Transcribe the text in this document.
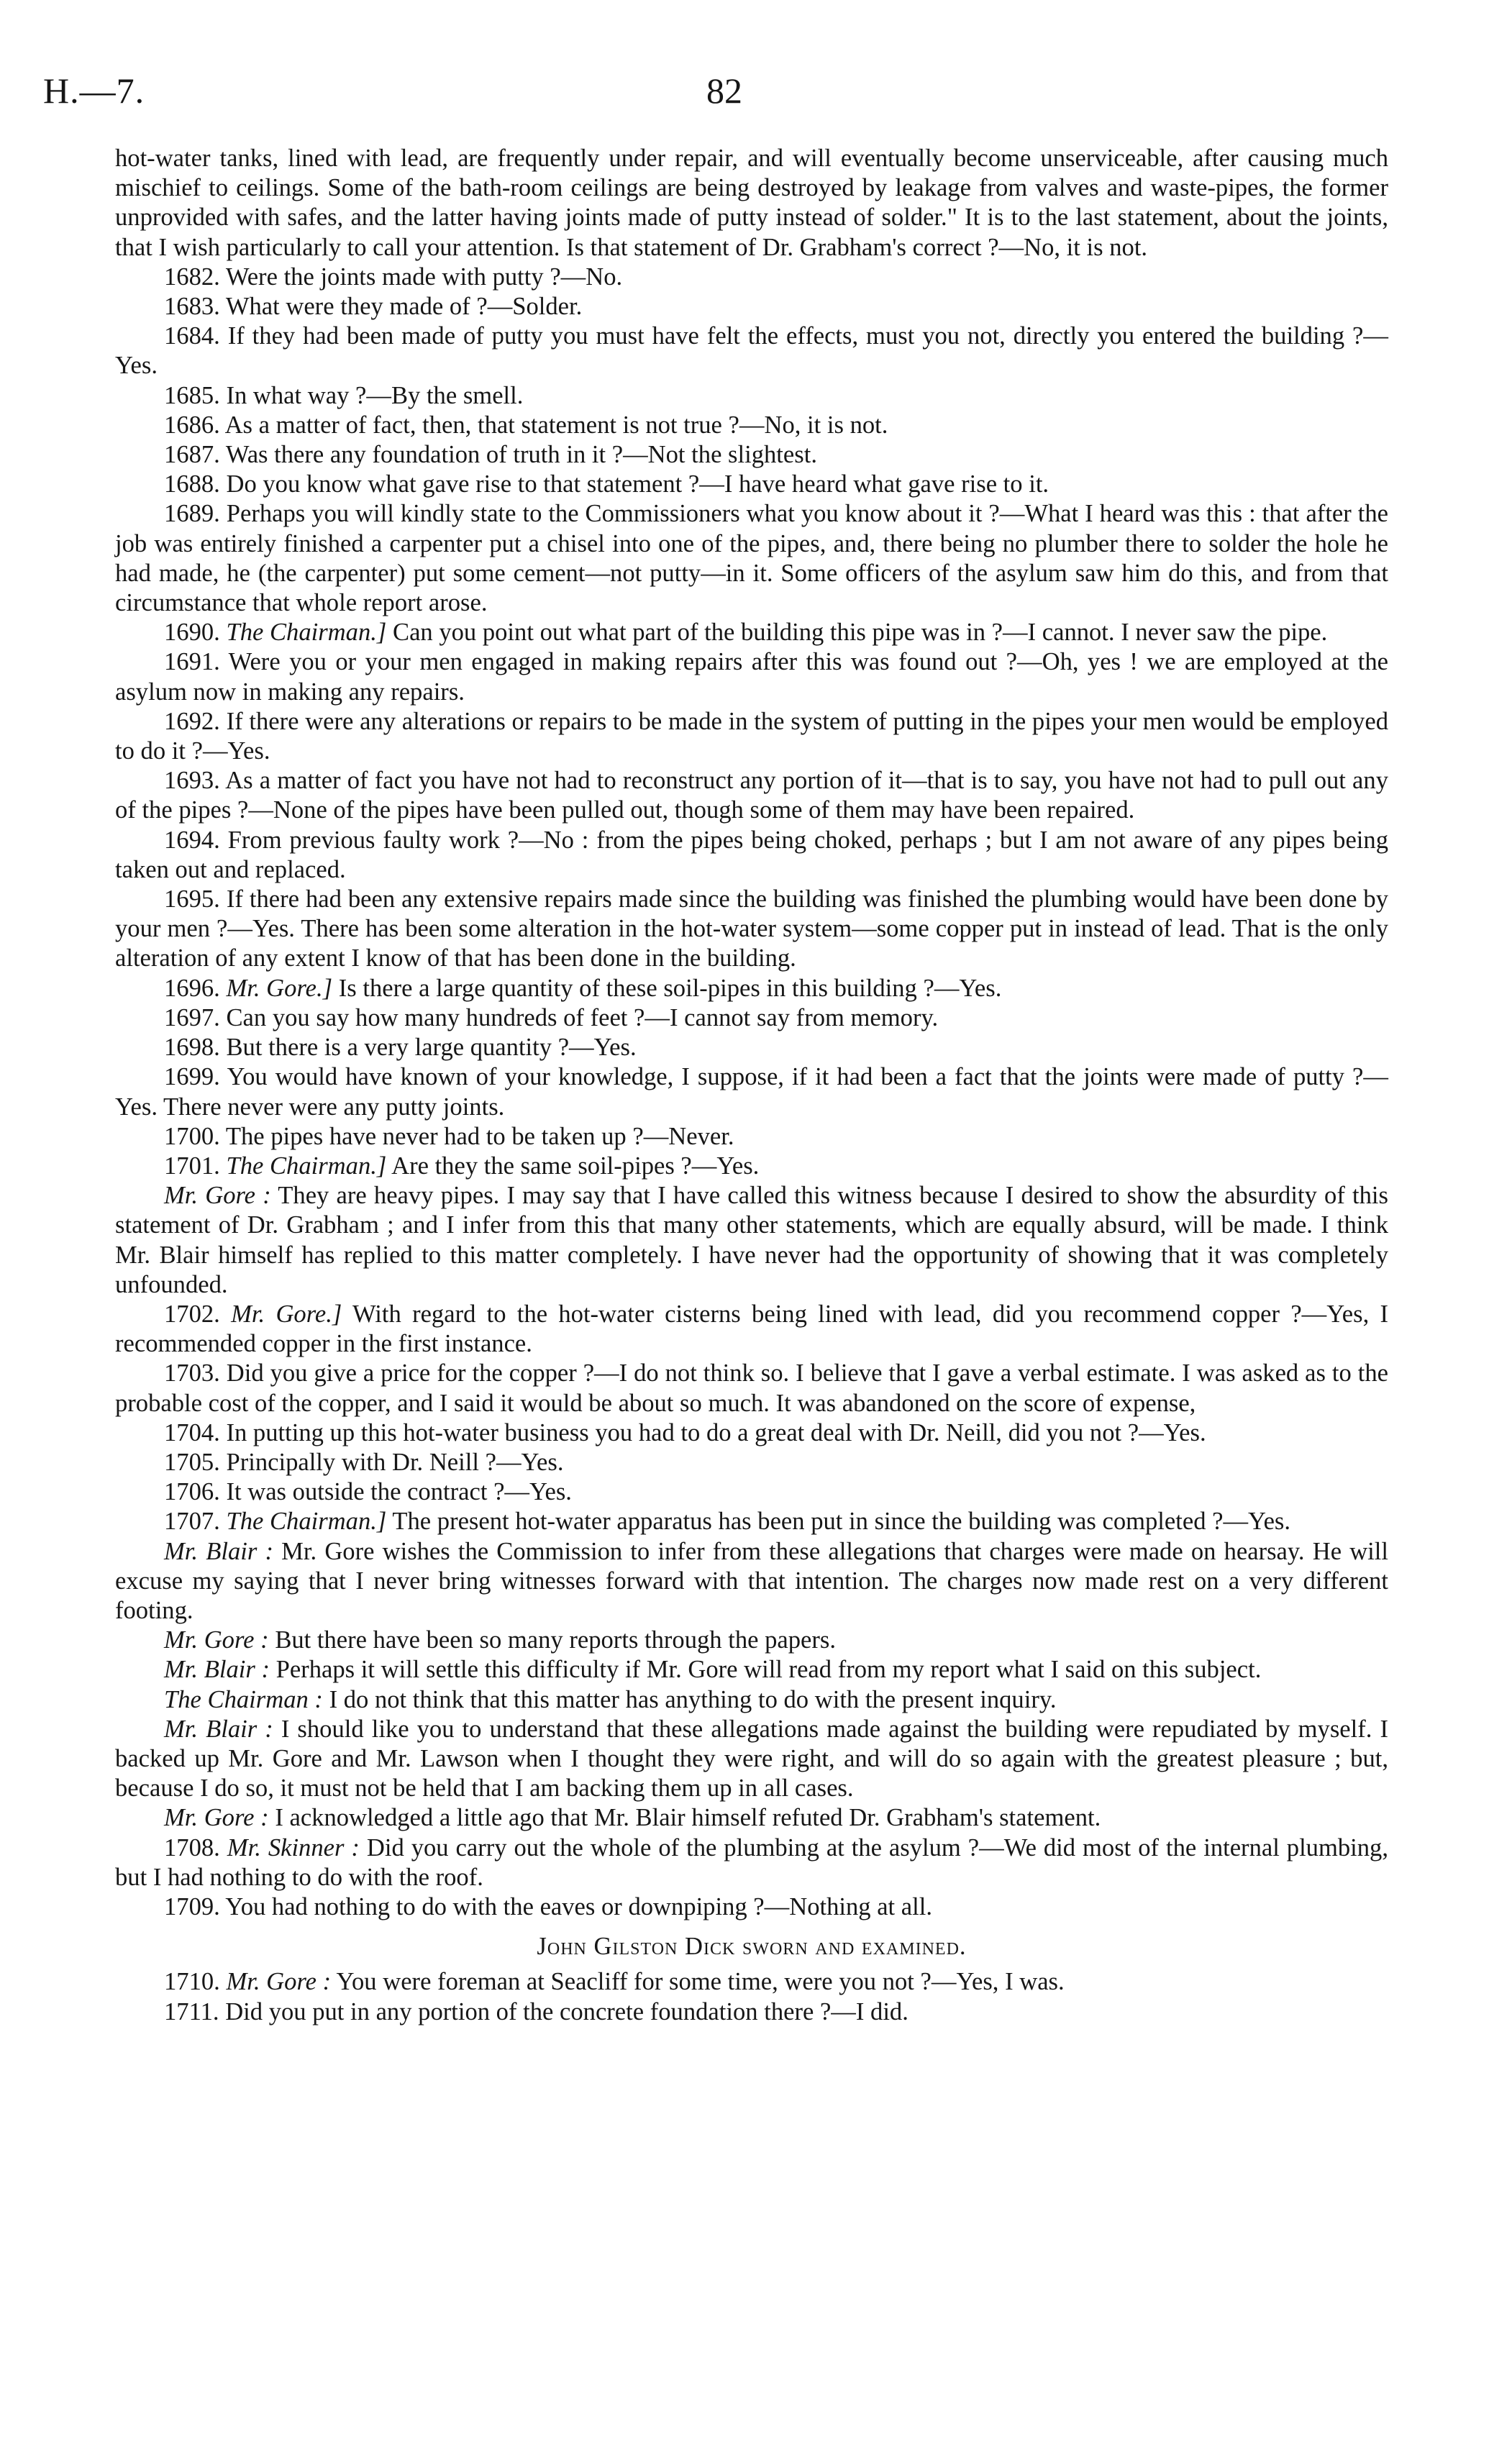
H.—7.	82

hot-water tanks, lined with lead, are frequently under repair, and will eventually become unserviceable, after causing much mischief to ceilings. Some of the bath-room ceilings are being destroyed by leakage from valves and waste-pipes, the former unprovided with safes, and the latter having joints made of putty instead of solder." It is to the last statement, about the joints, that I wish particularly to call your attention. Is that statement of Dr. Grabham's correct ?—No, it is not.

1682. Were the joints made with putty ?—No.

1683. What were they made of ?—Solder.

1684. If they had been made of putty you must have felt the effects, must you not, directly you entered the building ?—Yes.

1685. In what way ?—By the smell.

1686. As a matter of fact, then, that statement is not true ?—No, it is not.

1687. Was there any foundation of truth in it ?—Not the slightest.

1688. Do you know what gave rise to that statement ?—I have heard what gave rise to it.

1689. Perhaps you will kindly state to the Commissioners what you know about it ?—What I heard was this : that after the job was entirely finished a carpenter put a chisel into one of the pipes, and, there being no plumber there to solder the hole he had made, he (the carpenter) put some cement—not putty—in it. Some officers of the asylum saw him do this, and from that circumstance that whole report arose.

1690. The Chairman.] Can you point out what part of the building this pipe was in ?—I cannot. I never saw the pipe.

1691. Were you or your men engaged in making repairs after this was found out ?—Oh, yes ! we are employed at the asylum now in making any repairs.

1692. If there were any alterations or repairs to be made in the system of putting in the pipes your men would be employed to do it ?—Yes.

1693. As a matter of fact you have not had to reconstruct any portion of it—that is to say, you have not had to pull out any of the pipes ?—None of the pipes have been pulled out, though some of them may have been repaired.

1694. From previous faulty work ?—No : from the pipes being choked, perhaps ; but I am not aware of any pipes being taken out and replaced.

1695. If there had been any extensive repairs made since the building was finished the plumbing would have been done by your men ?—Yes. There has been some alteration in the hot-water system—some copper put in instead of lead. That is the only alteration of any extent I know of that has been done in the building.

1696. Mr. Gore.] Is there a large quantity of these soil-pipes in this building ?—Yes.

1697. Can you say how many hundreds of feet ?—I cannot say from memory.

1698. But there is a very large quantity ?—Yes.

1699. You would have known of your knowledge, I suppose, if it had been a fact that the joints were made of putty ?—Yes. There never were any putty joints.

1700. The pipes have never had to be taken up ?—Never.

1701. The Chairman.] Are they the same soil-pipes ?—Yes.

Mr. Gore : They are heavy pipes. I may say that I have called this witness because I desired to show the absurdity of this statement of Dr. Grabham ; and I infer from this that many other statements, which are equally absurd, will be made. I think Mr. Blair himself has replied to this matter completely. I have never had the opportunity of showing that it was completely unfounded.

1702. Mr. Gore.] With regard to the hot-water cisterns being lined with lead, did you recommend copper ?—Yes, I recommended copper in the first instance.

1703. Did you give a price for the copper ?—I do not think so. I believe that I gave a verbal estimate. I was asked as to the probable cost of the copper, and I said it would be about so much. It was abandoned on the score of expense,

1704. In putting up this hot-water business you had to do a great deal with Dr. Neill, did you not ?—Yes.

1705. Principally with Dr. Neill ?—Yes.

1706. It was outside the contract ?—Yes.

1707. The Chairman.] The present hot-water apparatus has been put in since the building was completed ?—Yes.

Mr. Blair : Mr. Gore wishes the Commission to infer from these allegations that charges were made on hearsay. He will excuse my saying that I never bring witnesses forward with that intention. The charges now made rest on a very different footing.

Mr. Gore : But there have been so many reports through the papers.

Mr. Blair : Perhaps it will settle this difficulty if Mr. Gore will read from my report what I said on this subject.

The Chairman : I do not think that this matter has anything to do with the present inquiry.

Mr. Blair : I should like you to understand that these allegations made against the building were repudiated by myself. I backed up Mr. Gore and Mr. Lawson when I thought they were right, and will do so again with the greatest pleasure ; but, because I do so, it must not be held that I am backing them up in all cases.

Mr. Gore : I acknowledged a little ago that Mr. Blair himself refuted Dr. Grabham's statement.

1708. Mr. Skinner : Did you carry out the whole of the plumbing at the asylum ?—We did most of the internal plumbing, but I had nothing to do with the roof.

1709. You had nothing to do with the eaves or downpiping ?—Nothing at all.

John Gilston Dick sworn and examined.

1710. Mr. Gore : You were foreman at Seacliff for some time, were you not ?—Yes, I was.

1711. Did you put in any portion of the concrete foundation there ?—I did.
